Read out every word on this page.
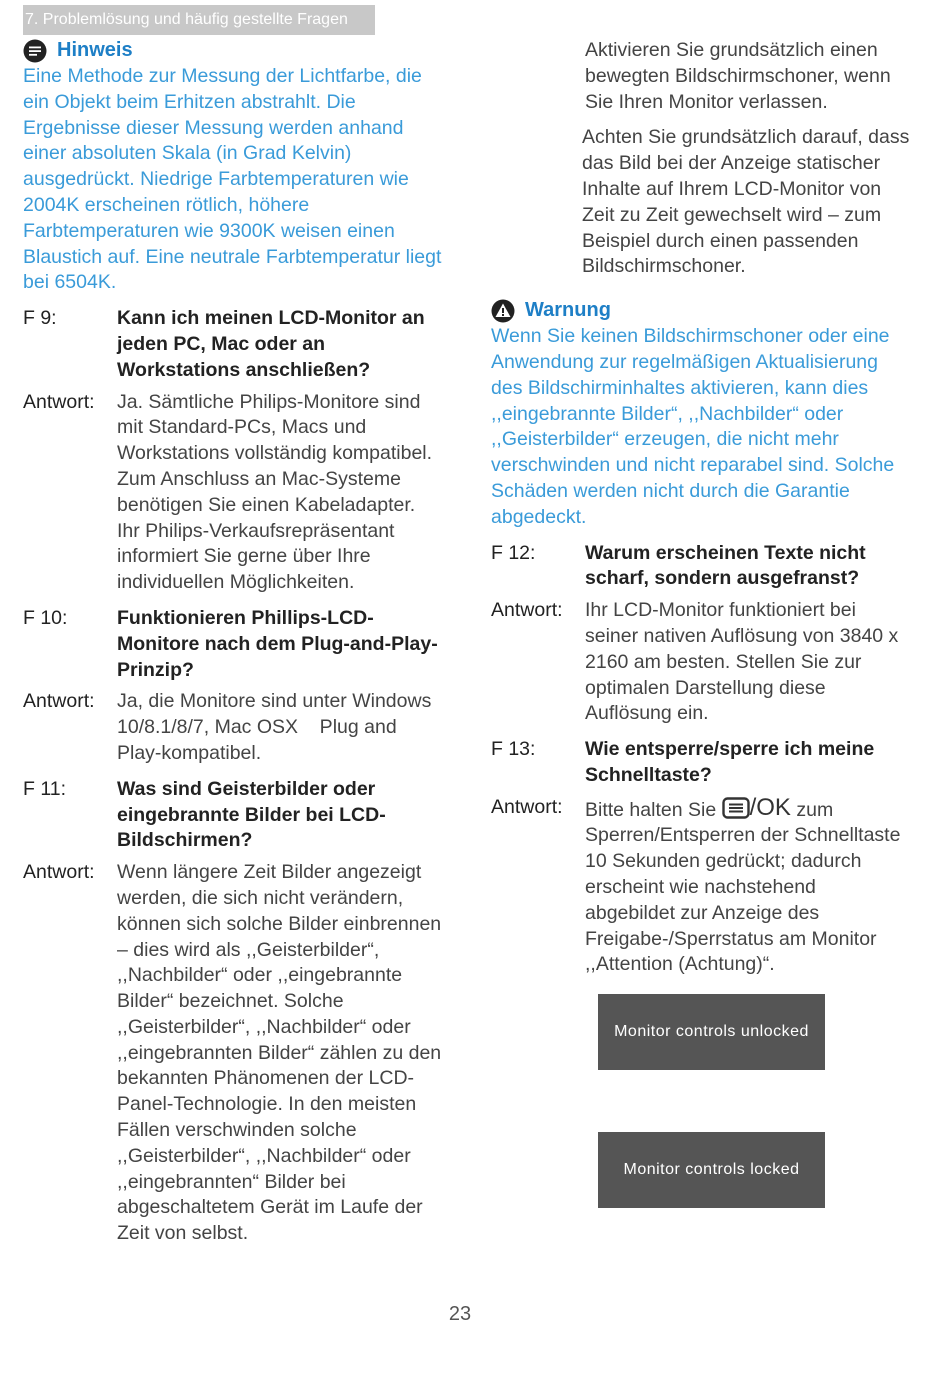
7. Problemlösung und häufig gestellte Fragen
Hinweis
Eine Methode zur Messung der Lichtfarbe, die ein Objekt beim Erhitzen abstrahlt. Die Ergebnisse dieser Messung werden anhand einer absoluten Skala (in Grad Kelvin) ausgedrückt. Niedrige Farbtemperaturen wie 2004K erscheinen rötlich, höhere Farbtemperaturen wie 9300K weisen einen Blaustich auf. Eine neutrale Farbtemperatur liegt bei 6504K.
F 9:	Kann ich meinen LCD-Monitor an jeden PC, Mac oder an Workstations anschließen?
Antwort:	Ja. Sämtliche Philips-Monitore sind mit Standard-PCs, Macs und Workstations vollständig kompatibel. Zum Anschluss an Mac-Systeme benötigen Sie einen Kabeladapter. Ihr Philips-Verkaufsrepräsentant informiert Sie gerne über Ihre individuellen Möglichkeiten.
F 10:	Funktionieren Phillips-LCD-Monitore nach dem Plug-and-Play-Prinzip?
Antwort:	Ja, die Monitore sind unter Windows 10/8.1/8/7, Mac OSX    Plug and Play-kompatibel.
F 11:	Was sind Geisterbilder oder eingebrannte Bilder bei LCD-Bildschirmen?
Antwort:	Wenn längere Zeit Bilder angezeigt werden, die sich nicht verändern, können sich solche Bilder einbrennen – dies wird als ,,Geisterbilder“, ,,Nachbilder“ oder ,,eingebrannte Bilder“ bezeichnet. Solche ,,Geisterbilder“, ,,Nachbilder“ oder ,,eingebrannten Bilder“ zählen zu den bekannten Phänomenen der LCD-Panel-Technologie. In den meisten Fällen verschwinden solche ,,Geisterbilder“, ,,Nachbilder“ oder ,,eingebrannten“ Bilder bei abgeschaltetem Gerät im Laufe der Zeit von selbst.
Aktivieren Sie grundsätzlich einen bewegten Bildschirmschoner, wenn Sie Ihren Monitor verlassen.
Achten Sie grundsätzlich darauf, dass das Bild bei der Anzeige statischer Inhalte auf Ihrem LCD-Monitor von Zeit zu Zeit gewechselt wird – zum Beispiel durch einen passenden Bildschirmschoner.
Warnung
Wenn Sie keinen Bildschirmschoner oder eine Anwendung zur regelmäßigen Aktualisierung des Bildschirminhaltes aktivieren, kann dies ,,eingebrannte Bilder“, ,,Nachbilder“ oder ,,Geisterbilder“ erzeugen, die nicht mehr verschwinden und nicht reparabel sind. Solche Schäden werden nicht durch die Garantie abgedeckt.
F 12:	Warum erscheinen Texte nicht scharf, sondern ausgefranst?
Antwort:	Ihr LCD-Monitor funktioniert bei seiner nativen Auflösung von 3840 x 2160 am besten. Stellen Sie zur optimalen Darstellung diese Auflösung ein.
F 13:	Wie entsperre/sperre ich meine Schnelltaste?
Antwort:	Bitte halten Sie /OK zum Sperren/Entsperren der Schnelltaste 10 Sekunden gedrückt; dadurch erscheint wie nachstehend abgebildet zur Anzeige des Freigabe-/Sperrstatus am Monitor ,,Attention (Achtung)“.
Monitor controls unlocked
Monitor controls locked
23
